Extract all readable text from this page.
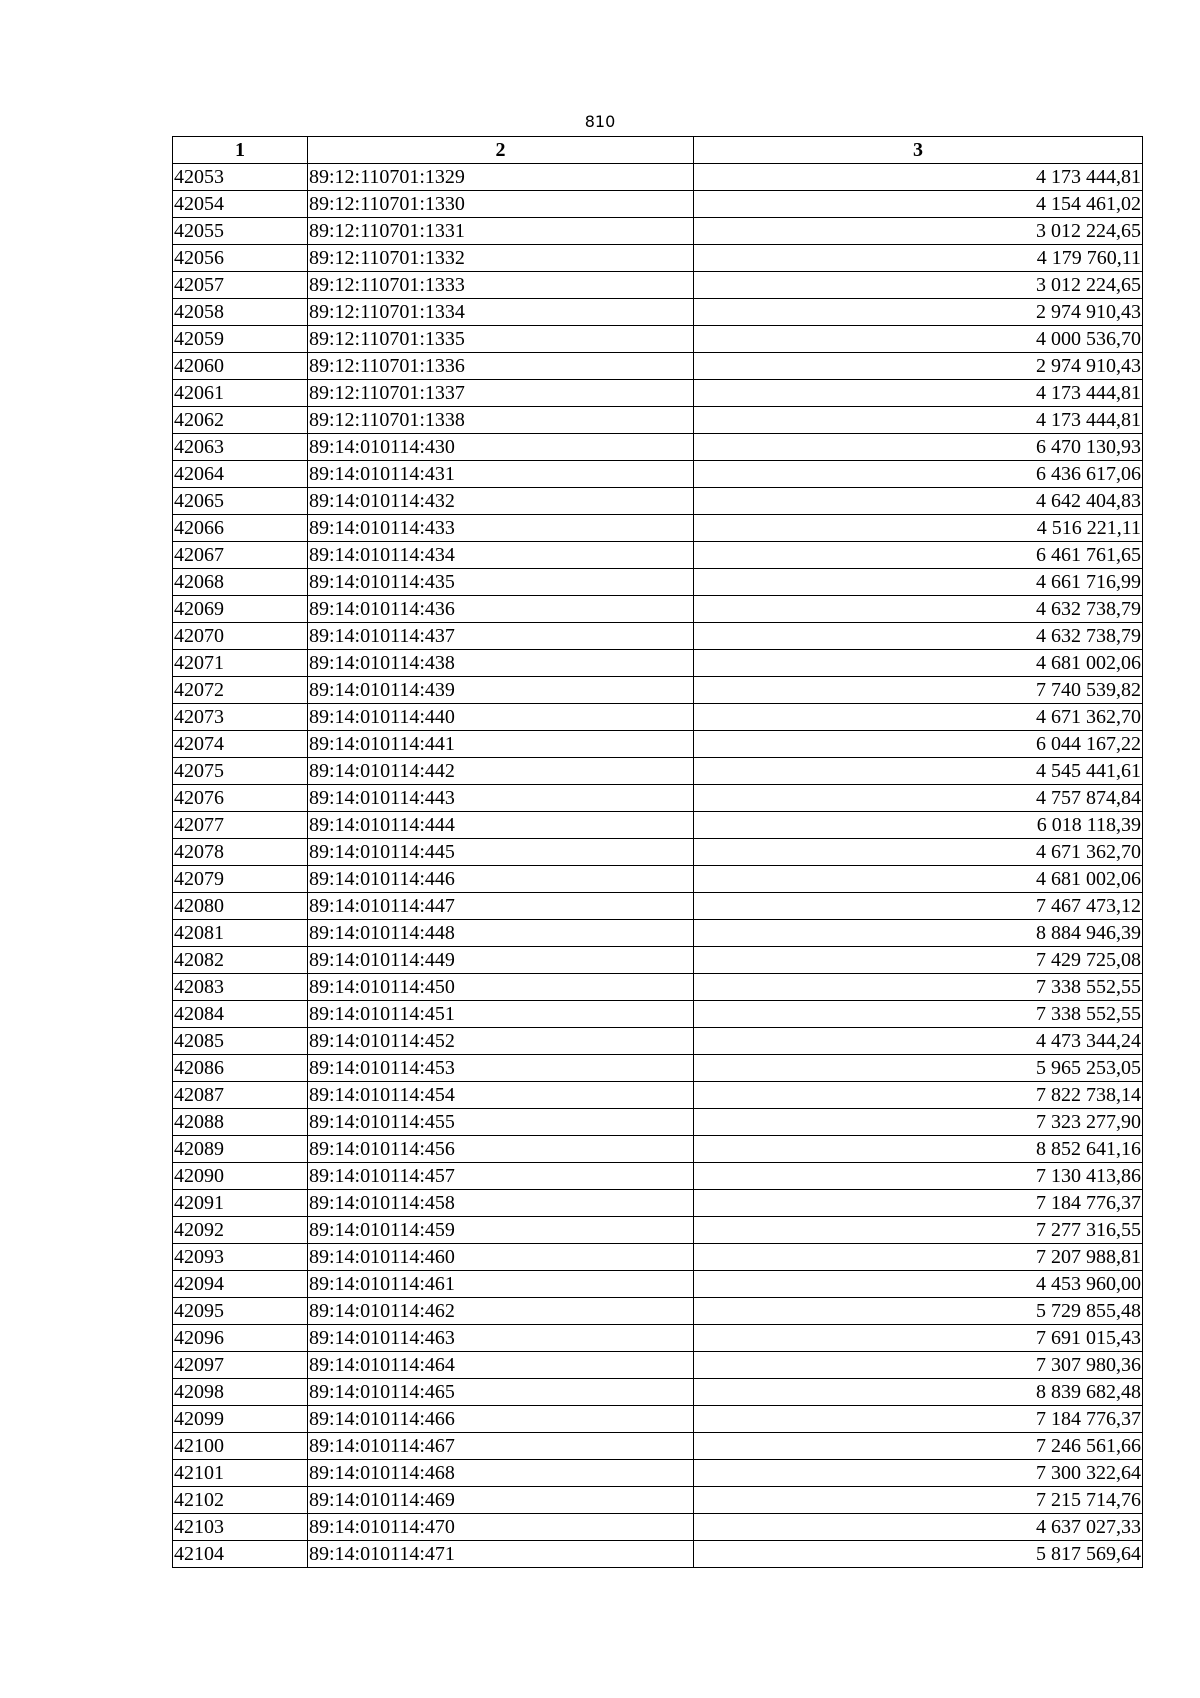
810
1	2	3
42053	89:12:110701:1329	4 173 444,81
42054	89:12:110701:1330	4 154 461,02
42055	89:12:110701:1331	3 012 224,65
42056	89:12:110701:1332	4 179 760,11
42057	89:12:110701:1333	3 012 224,65
42058	89:12:110701:1334	2 974 910,43
42059	89:12:110701:1335	4 000 536,70
42060	89:12:110701:1336	2 974 910,43
42061	89:12:110701:1337	4 173 444,81
42062	89:12:110701:1338	4 173 444,81
42063	89:14:010114:430	6 470 130,93
42064	89:14:010114:431	6 436 617,06
42065	89:14:010114:432	4 642 404,83
42066	89:14:010114:433	4 516 221,11
42067	89:14:010114:434	6 461 761,65
42068	89:14:010114:435	4 661 716,99
42069	89:14:010114:436	4 632 738,79
42070	89:14:010114:437	4 632 738,79
42071	89:14:010114:438	4 681 002,06
42072	89:14:010114:439	7 740 539,82
42073	89:14:010114:440	4 671 362,70
42074	89:14:010114:441	6 044 167,22
42075	89:14:010114:442	4 545 441,61
42076	89:14:010114:443	4 757 874,84
42077	89:14:010114:444	6 018 118,39
42078	89:14:010114:445	4 671 362,70
42079	89:14:010114:446	4 681 002,06
42080	89:14:010114:447	7 467 473,12
42081	89:14:010114:448	8 884 946,39
42082	89:14:010114:449	7 429 725,08
42083	89:14:010114:450	7 338 552,55
42084	89:14:010114:451	7 338 552,55
42085	89:14:010114:452	4 473 344,24
42086	89:14:010114:453	5 965 253,05
42087	89:14:010114:454	7 822 738,14
42088	89:14:010114:455	7 323 277,90
42089	89:14:010114:456	8 852 641,16
42090	89:14:010114:457	7 130 413,86
42091	89:14:010114:458	7 184 776,37
42092	89:14:010114:459	7 277 316,55
42093	89:14:010114:460	7 207 988,81
42094	89:14:010114:461	4 453 960,00
42095	89:14:010114:462	5 729 855,48
42096	89:14:010114:463	7 691 015,43
42097	89:14:010114:464	7 307 980,36
42098	89:14:010114:465	8 839 682,48
42099	89:14:010114:466	7 184 776,37
42100	89:14:010114:467	7 246 561,66
42101	89:14:010114:468	7 300 322,64
42102	89:14:010114:469	7 215 714,76
42103	89:14:010114:470	4 637 027,33
42104	89:14:010114:471	5 817 569,64
